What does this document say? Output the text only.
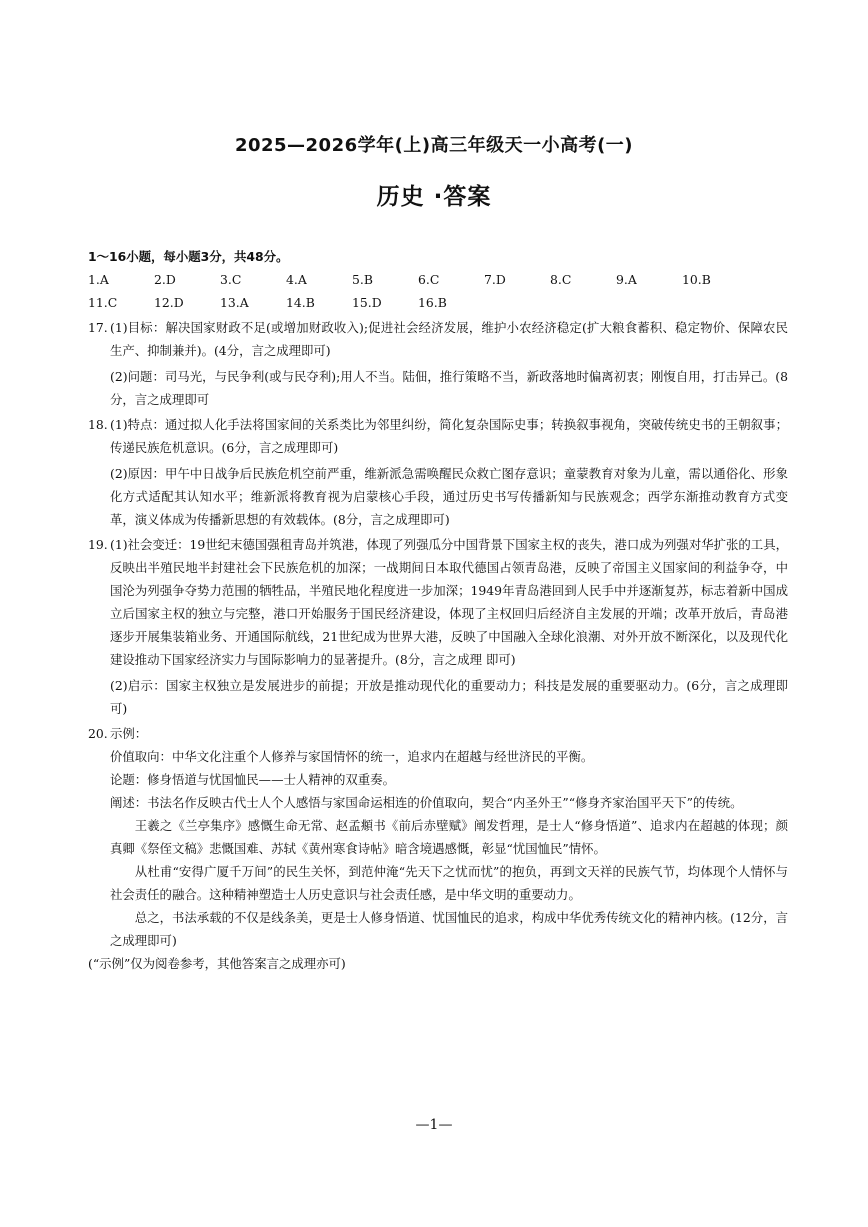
2025—2026学年(上)高三年级天一小高考(一)
历史 ·答案
1～16小题，每小题3分，共48分。
1.A	2.D	3.C	4.A	5.B	6.C	7.D	8.C	9.A	10.B
11.C	12.D	13.A	14.B	15.D	16.B
17. (1)目标：解决国家财政不足(或增加财政收入);促进社会经济发展，维护小农经济稳定(扩大粮食蓄积、稳定物价、保障农民生产、抑制兼并)。(4分，言之成理即可)
(2)问题：司马光，与民争利(或与民夺利);用人不当。陆佃，推行策略不当，新政落地时偏离初衷；刚愎自用，打击异己。(8分，言之成理即可
18. (1)特点：通过拟人化手法将国家间的关系类比为邻里纠纷，简化复杂国际史事；转换叙事视角，突破传统史书的王朝叙事；传递民族危机意识。(6分，言之成理即可)
(2)原因：甲午中日战争后民族危机空前严重，维新派急需唤醒民众救亡图存意识；童蒙教育对象为儿童，需以通俗化、形象化方式适配其认知水平；维新派将教育视为启蒙核心手段，通过历史书写传播新知与民族观念；西学东渐推动教育方式变革，演义体成为传播新思想的有效载体。(8分，言之成理即可)
19. (1)社会变迁：19世纪末德国强租青岛并筑港，体现了列强瓜分中国背景下国家主权的丧失，港口成为列强对华扩张的工具，反映出半殖民地半封建社会下民族危机的加深；一战期间日本取代德国占领青岛港，反映了帝国主义国家间的利益争夺，中国沦为列强争夺势力范围的牺牲品，半殖民地化程度进一步加深；1949年青岛港回到人民手中并逐渐复苏，标志着新中国成立后国家主权的独立与完整，港口开始服务于国民经济建设，体现了主权回归后经济自主发展的开端；改革开放后，青岛港逐步开展集装箱业务、开通国际航线，21世纪成为世界大港，反映了中国融入全球化浪潮、对外开放不断深化，以及现代化建设推动下国家经济实力与国际影响力的显著提升。(8分，言之成理 即可)
(2)启示：国家主权独立是发展进步的前提；开放是推动现代化的重要动力；科技是发展的重要驱动力。(6分，言之成理即可)
20. 示例：
价值取向：中华文化注重个人修养与家国情怀的统一，追求内在超越与经世济民的平衡。
论题：修身悟道与忧国恤民——士人精神的双重奏。
阐述：书法名作反映古代士人个人感悟与家国命运相连的价值取向，契合“内圣外王”“修身齐家治国平天下”的传统。
王羲之《兰亭集序》感慨生命无常、赵孟頫书《前后赤壁赋》阐发哲理，是士人“修身悟道”、追求内在超越的体现；颜真卿《祭侄文稿》悲慨国难、苏轼《黄州寒食诗帖》暗含境遇感慨，彰显“忧国恤民”情怀。
从杜甫“安得广厦千万间”的民生关怀，到范仲淹“先天下之忧而忧”的抱负，再到文天祥的民族气节，均体现个人情怀与社会责任的融合。这种精神塑造士人历史意识与社会责任感，是中华文明的重要动力。
总之，书法承载的不仅是线条美，更是士人修身悟道、忧国恤民的追求，构成中华优秀传统文化的精神内核。(12分，言之成理即可)
(“示例”仅为阅卷参考，其他答案言之成理亦可)
—1—
